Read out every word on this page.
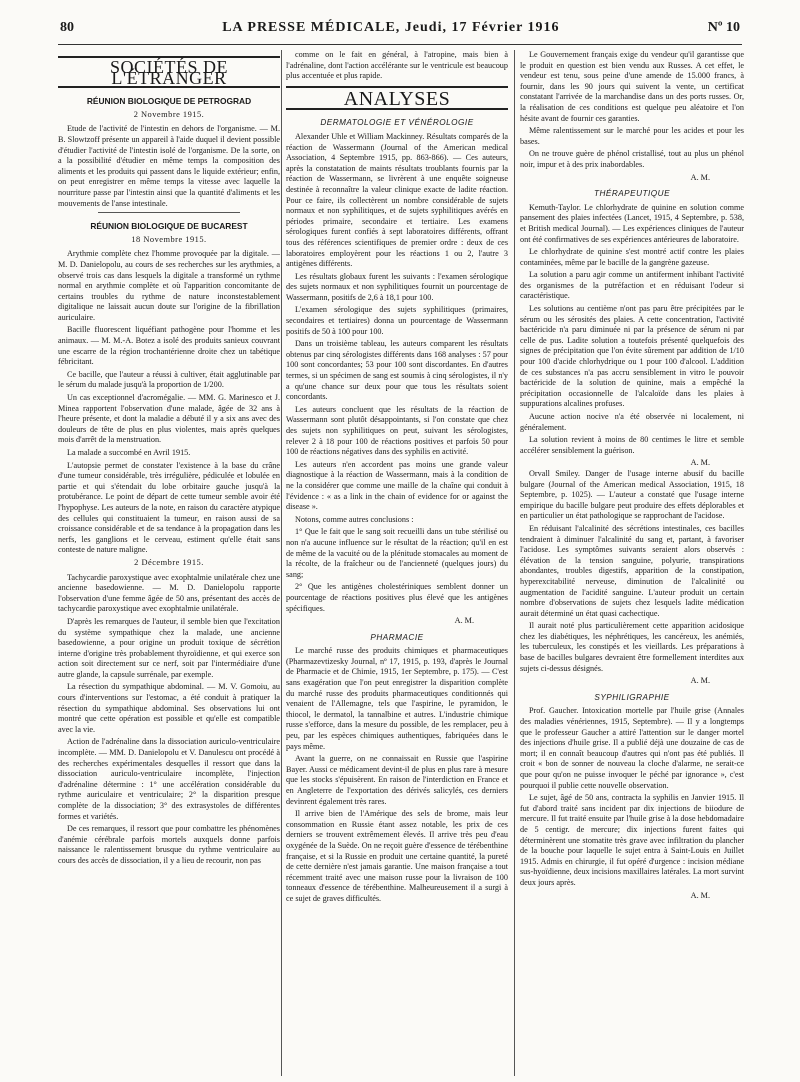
80	LA PRESSE MÉDICALE, Jeudi, 17 Février 1916	Nº 10
SOCIÉTÉS DE L'ÉTRANGER
RÉUNION BIOLOGIQUE DE PETROGRAD
2 Novembre 1915.

Etude de l'activité de l'intestin en dehors de l'organisme. — M. B. Slowtzoff présente un appareil à l'aide duquel il devient possible d'étudier l'activité de l'intestin isolé de l'organisme. De la sorte, on a la possibilité d'étudier en même temps la composition des aliments et les produits qui passent dans le liquide extérieur; enfin, on peut enregistrer en même temps la vitesse avec laquelle la nourriture passe par l'intestin ainsi que la quantité d'aliments et les mouvements de l'anse intestinale.

RÉUNION BIOLOGIQUE DE BUCAREST
18 Novembre 1915.

Arythmie complète chez l'homme provoquée par la digitale. — M. D. Danielopolu, au cours de ses recherches sur les arythmies, a observé trois cas dans lesquels la digitale a transformé un rythme normal en arythmie complète et où l'apparition concomitante de certains troubles du rythme de nature inconstestablement digitalique ne laissait aucun doute sur l'origine de la fibrillation auriculaire.

Bacille fluorescent liquéfiant pathogène pour l'homme et les animaux. — M. M.-A. Botez a isolé des produits sanieux couvrant une escarre de la région trochantérienne droite chez un tabétique fébricitant.

Ce bacille, que l'auteur a réussi à cultiver, était agglutinable par le sérum du malade jusqu'à la proportion de 1/200.

Un cas exceptionnel d'acromégalie. — MM. G. Marinesco et J. Minea rapportent l'observation d'une malade, âgée de 32 ans à l'heure présente, et dont la maladie a débuté il y a six ans avec des douleurs de tête de plus en plus violentes, mais après quelques mois d'arrêt de la menstruation.

La malade a succombé en Avril 1915.

L'autopsie permet de constater l'existence à la base du crâne d'une tumeur considérable, très irrégulière, pédiculée et lobulée en partie et qui s'étendait du lobe orbitaire gauche jusqu'à la protubérance. Le point de départ de cette tumeur semble avoir été l'hypophyse. Les auteurs de la note, en raison du caractère atypique des cellules qui constituaient la tumeur, en raison aussi de sa croissance considérable et de sa tendance à la propagation dans les nerfs, les ganglions et le cerveau, estiment qu'elle était sans conteste de nature maligne.

2 Décembre 1915.

Tachycardie paroxystique avec exophtalmie unilatérale chez une ancienne basedowienne. — M. D. Danielopolu rapporte l'observation d'une femme âgée de 50 ans, présentant des accès de tachycardie paroxystique avec exophtalmie unilatérale.

D'après les remarques de l'auteur, il semble bien que l'excitation du système sympathique chez la malade, une ancienne basedowienne, a pour origine un produit toxique de sécrétion interne d'origine très probablement thyroïdienne, et qui exerce son action soit directement sur ce nerf, soit par l'intermédiaire d'une autre glande, la capsule surrénale, par exemple.

La résection du sympathique abdominal. — M. V. Gomoiu, au cours d'interventions sur l'estomac, a été conduit à pratiquer la résection du sympathique abdominal. Ses observations lui ont montré que cette opération est possible et qu'elle est compatible avec la vie.

Action de l'adrénaline dans la dissociation auriculo-ventriculaire incomplète. — MM. D. Danielopolu et V. Danulescu ont procédé à des recherches expérimentales desquelles il ressort que dans la dissociation auriculo-ventriculaire incomplète, l'injection d'adrénaline détermine : 1° une accélération considérable du rythme auriculaire et ventriculaire; 2° la disparition presque complète de la dissociation; 3° des extrasystoles de différentes formes et variétés.

De ces remarques, il ressort que pour combattre les phénomènes d'anémie cérébrale parfois mortels auxquels donne parfois naissance le ralentissement brusque du rythme ventriculaire au cours des accès de dissociation, il y a lieu de recourir, non pas

comme on le fait en général, à l'atropine, mais bien à l'adrénaline, dont l'action accélérante sur le ventricule est beaucoup plus accentuée et plus rapide.

ANALYSES
DERMATOLOGIE ET VÉNÉROLOGIE

Alexander Uhle et William Mackinney. Résultats comparés de la réaction de Wassermann (Journal of the American medical Association, 4 Septembre 1915, pp. 863-866). — Ces auteurs, après la constatation de maints résultats troublants fournis par la réaction de Wassermann, se livrèrent à une enquête soigneuse destinée à reconnaître la valeur clinique exacte de ladite réaction. Pour ce faire, ils collectèrent un nombre considérable de sujets normaux et non syphilitiques, et de sujets syphilitiques avérés en périodes primaire, secondaire et tertiaire. Les examens sérologiques furent confiés à sept laboratoires différents, offrant tous des références scientifiques de premier ordre : deux de ces laboratoires employèrent pour les réactions 1 ou 2, l'autre 3 antigènes différents.

Les résultats globaux furent les suivants : l'examen sérologique des sujets normaux et non syphilitiques fournit un pourcentage de Wassermann, positifs de 2,6 à 18,1 pour 100.

L'examen sérologique des sujets syphilitiques (primaires, secondaires et tertiaires) donna un pourcentage de Wassermann positifs de 50 à 100 pour 100.

Dans un troisième tableau, les auteurs comparent les résultats obtenus par cinq sérologistes différents dans 168 analyses : 57 pour 100 sont concordantes; 53 pour 100 sont discordantes. En d'autres termes, si un spécimen de sang est soumis à cinq sérologistes, il n'y a qu'une chance sur deux pour que tous les résultats soient concordants.

Les auteurs concluent que les résultats de la réaction de Wassermann sont plutôt désappointants, si l'on constate que chez des sujets non syphilitiques on peut, suivant les sérologistes, relever 2 à 18 pour 100 de réactions positives et parfois 50 pour 100 de réactions négatives dans des syphilis en activité.

Les auteurs n'en accordent pas moins une grande valeur diagnostique à la réaction de Wassermann, mais à la condition de ne la considérer que comme une maille de la chaîne qui conduit à l'évidence : « as a link in the chain of evidence for or against the disease ».

Notons, comme autres conclusions :

1° Que le fait que le sang soit recueilli dans un tube stérilisé ou non n'a aucune influence sur le résultat de la réaction; qu'il en est de même de la vacuité ou de la plénitude stomacales au moment de la récolte, de la fraîcheur ou de l'ancienneté (quelques jours) du sang;

2° Que les antigènes cholestériniques semblent donner un pourcentage de réactions positives plus élevé que les antigènes spécifiques.

A. M.
PHARMACIE

Le marché russe des produits chimiques et pharmaceutiques (Pharmazevtizesky Journal, nº 17, 1915, p. 193, d'après le Journal de Pharmacie et de Chimie, 1915, 1er Septembre, p. 175). — C'est sans exagération que l'on peut enregistrer la disparition complète du marché russe des produits pharmaceutiques conditionnés qui venaient de l'Allemagne, tels que l'aspirine, le pyramidon, le thiocol, le dermatol, la tannalbine et autres. L'industrie chimique russe s'efforce, dans la mesure du possible, de les remplacer, peu à peu, par les espèces chimiques authentiques, fabriquées dans le pays même.

Avant la guerre, on ne connaissait en Russie que l'aspirine Bayer. Aussi ce médicament devint-il de plus en plus rare à mesure que les stocks s'épuisèrent. En raison de l'interdiction en France et en Angleterre de l'exportation des dérivés salicylés, ces derniers devinrent également très rares.

Il arrive bien de l'Amérique des sels de brome, mais leur consommation en Russie étant assez notable, les prix de ces derniers se trouvent extrêmement élevés. Il arrive très peu d'eau oxygénée de la Suède. On ne reçoit guère d'essence de térébenthine française, et si la Russie en produit une certaine quantité, la pureté de cette dernière n'est jamais garantie. Une maison française a tout récemment traité avec une maison russe pour la livraison de 100 tonneaux d'essence de térébenthine. Malheureusement il a surgi à ce sujet de graves difficultés.

Le Gouvernement français exige du vendeur qu'il garantisse que le produit en question est bien vendu aux Russes. A cet effet, le vendeur est tenu, sous peine d'une amende de 15.000 francs, à fournir, dans les 90 jours qui suivent la vente, un certificat constatant l'arrivée de la marchandise dans un des ports russes. Or, la réalisation de ces conditions est quelque peu aléatoire et l'on hésite avant de fournir ces garanties.

Même ralentissement sur le marché pour les acides et pour les bases.

On ne trouve guère de phénol cristallisé, tout au plus un phénol noir, impur et à des prix inabordables.

A. M.
THÉRAPEUTIQUE

Kemuth-Taylor. Le chlorhydrate de quinine en solution comme pansement des plaies infectées (Lancet, 1915, 4 Septembre, p. 538, et British medical Journal). — Les expériences cliniques de l'auteur ont été confirmatives de ses expériences antérieures de laboratoire.

Le chlorhydrate de quinine s'est montré actif contre les plaies contaminées, même par le bacille de la gangrène gazeuse.

La solution a paru agir comme un antiferment inhibant l'activité des organismes de la putréfaction et en réduisant l'odeur si caractéristique.

Les solutions au centième n'ont pas paru être précipitées par le sérum ou les sérosités des plaies. A cette concentration, l'activité bactéricide n'a paru diminuée ni par la présence de sérum ni par celle de pus. Ladite solution a toutefois présenté quelquefois des signes de précipitation que l'on évite sûrement par addition de 1/10 pour 100 d'acide chlorhydrique ou 1 pour 100 d'alcool. L'addition de ces substances n'a pas accru sensiblement in vitro le pouvoir bactéricide de la solution de quinine, mais a empêché la précipitation occasionnelle de l'alcaloïde dans les plaies à suppurations alcalines profuses.

Aucune action nocive n'a été observée ni localement, ni généralement.

La solution revient à moins de 80 centimes le litre et semble accélérer sensiblement la guérison.

A. M.

Orvall Smiley. Danger de l'usage interne abusif du bacille bulgare (Journal of the American medical Association, 1915, 18 Septembre, p. 1025). — L'auteur a constaté que l'usage interne empirique du bacille bulgare peut produire des effets déplorables et en particulier un état pathologique se rapprochant de l'acidose.

En réduisant l'alcalinité des sécrétions intestinales, ces bacilles tendraient à diminuer l'alcalinité du sang et, partant, à favoriser l'acidose. Les symptômes suivants seraient alors observés : élévation de la tension sanguine, polyurie, transpirations abondantes, troubles digestifs, apparition de la constipation, hyperexcitabilité nerveuse, diminution de l'alcalinité ou augmentation de l'acidité sanguine. L'auteur produit un certain nombre d'observations de sujets chez lesquels ladite médication aurait déterminé un état quasi cachectique.

Il aurait noté plus particulièrement cette apparition acidosique chez les diabétiques, les néphrétiques, les cancéreux, les anémiés, les tuberculeux, les constipés et les vieillards. Les préparations à base de bacilles bulgares devraient être formellement interdites aux sujets ci-dessus désignés.

A. M.
SYPHILIGRAPHIE

Prof. Gaucher. Intoxication mortelle par l'huile grise (Annales des maladies vénériennes, 1915, Septembre). — Il y a longtemps que le professeur Gaucher a attiré l'attention sur le danger mortel des injections d'huile grise. Il a publié déjà une douzaine de cas de mort; il en connaît beaucoup d'autres qui n'ont pas été publiés. Il croit « bon de sonner de nouveau la cloche d'alarme, ne serait-ce que pour qu'on ne puisse invoquer le péché par ignorance », c'est pourquoi il publie cette nouvelle observation.

Le sujet, âgé de 50 ans, contracta la syphilis en Janvier 1915. Il fut d'abord traité sans incident par dix injections de biiodure de mercure. Il fut traité ensuite par l'huile grise à la dose hebdomadaire de 5 centigr. de mercure; dix injections furent faites qui déterminèrent une stomatite très grave avec infiltration du plancher de la bouche pour laquelle le sujet entra à Saint-Louis en Juillet 1915. Admis en chirurgie, il fut opéré d'urgence : incision médiane sus-hyoïdienne, deux incisions maxillaires latérales. La mort survint deux jours après.

A. M.
